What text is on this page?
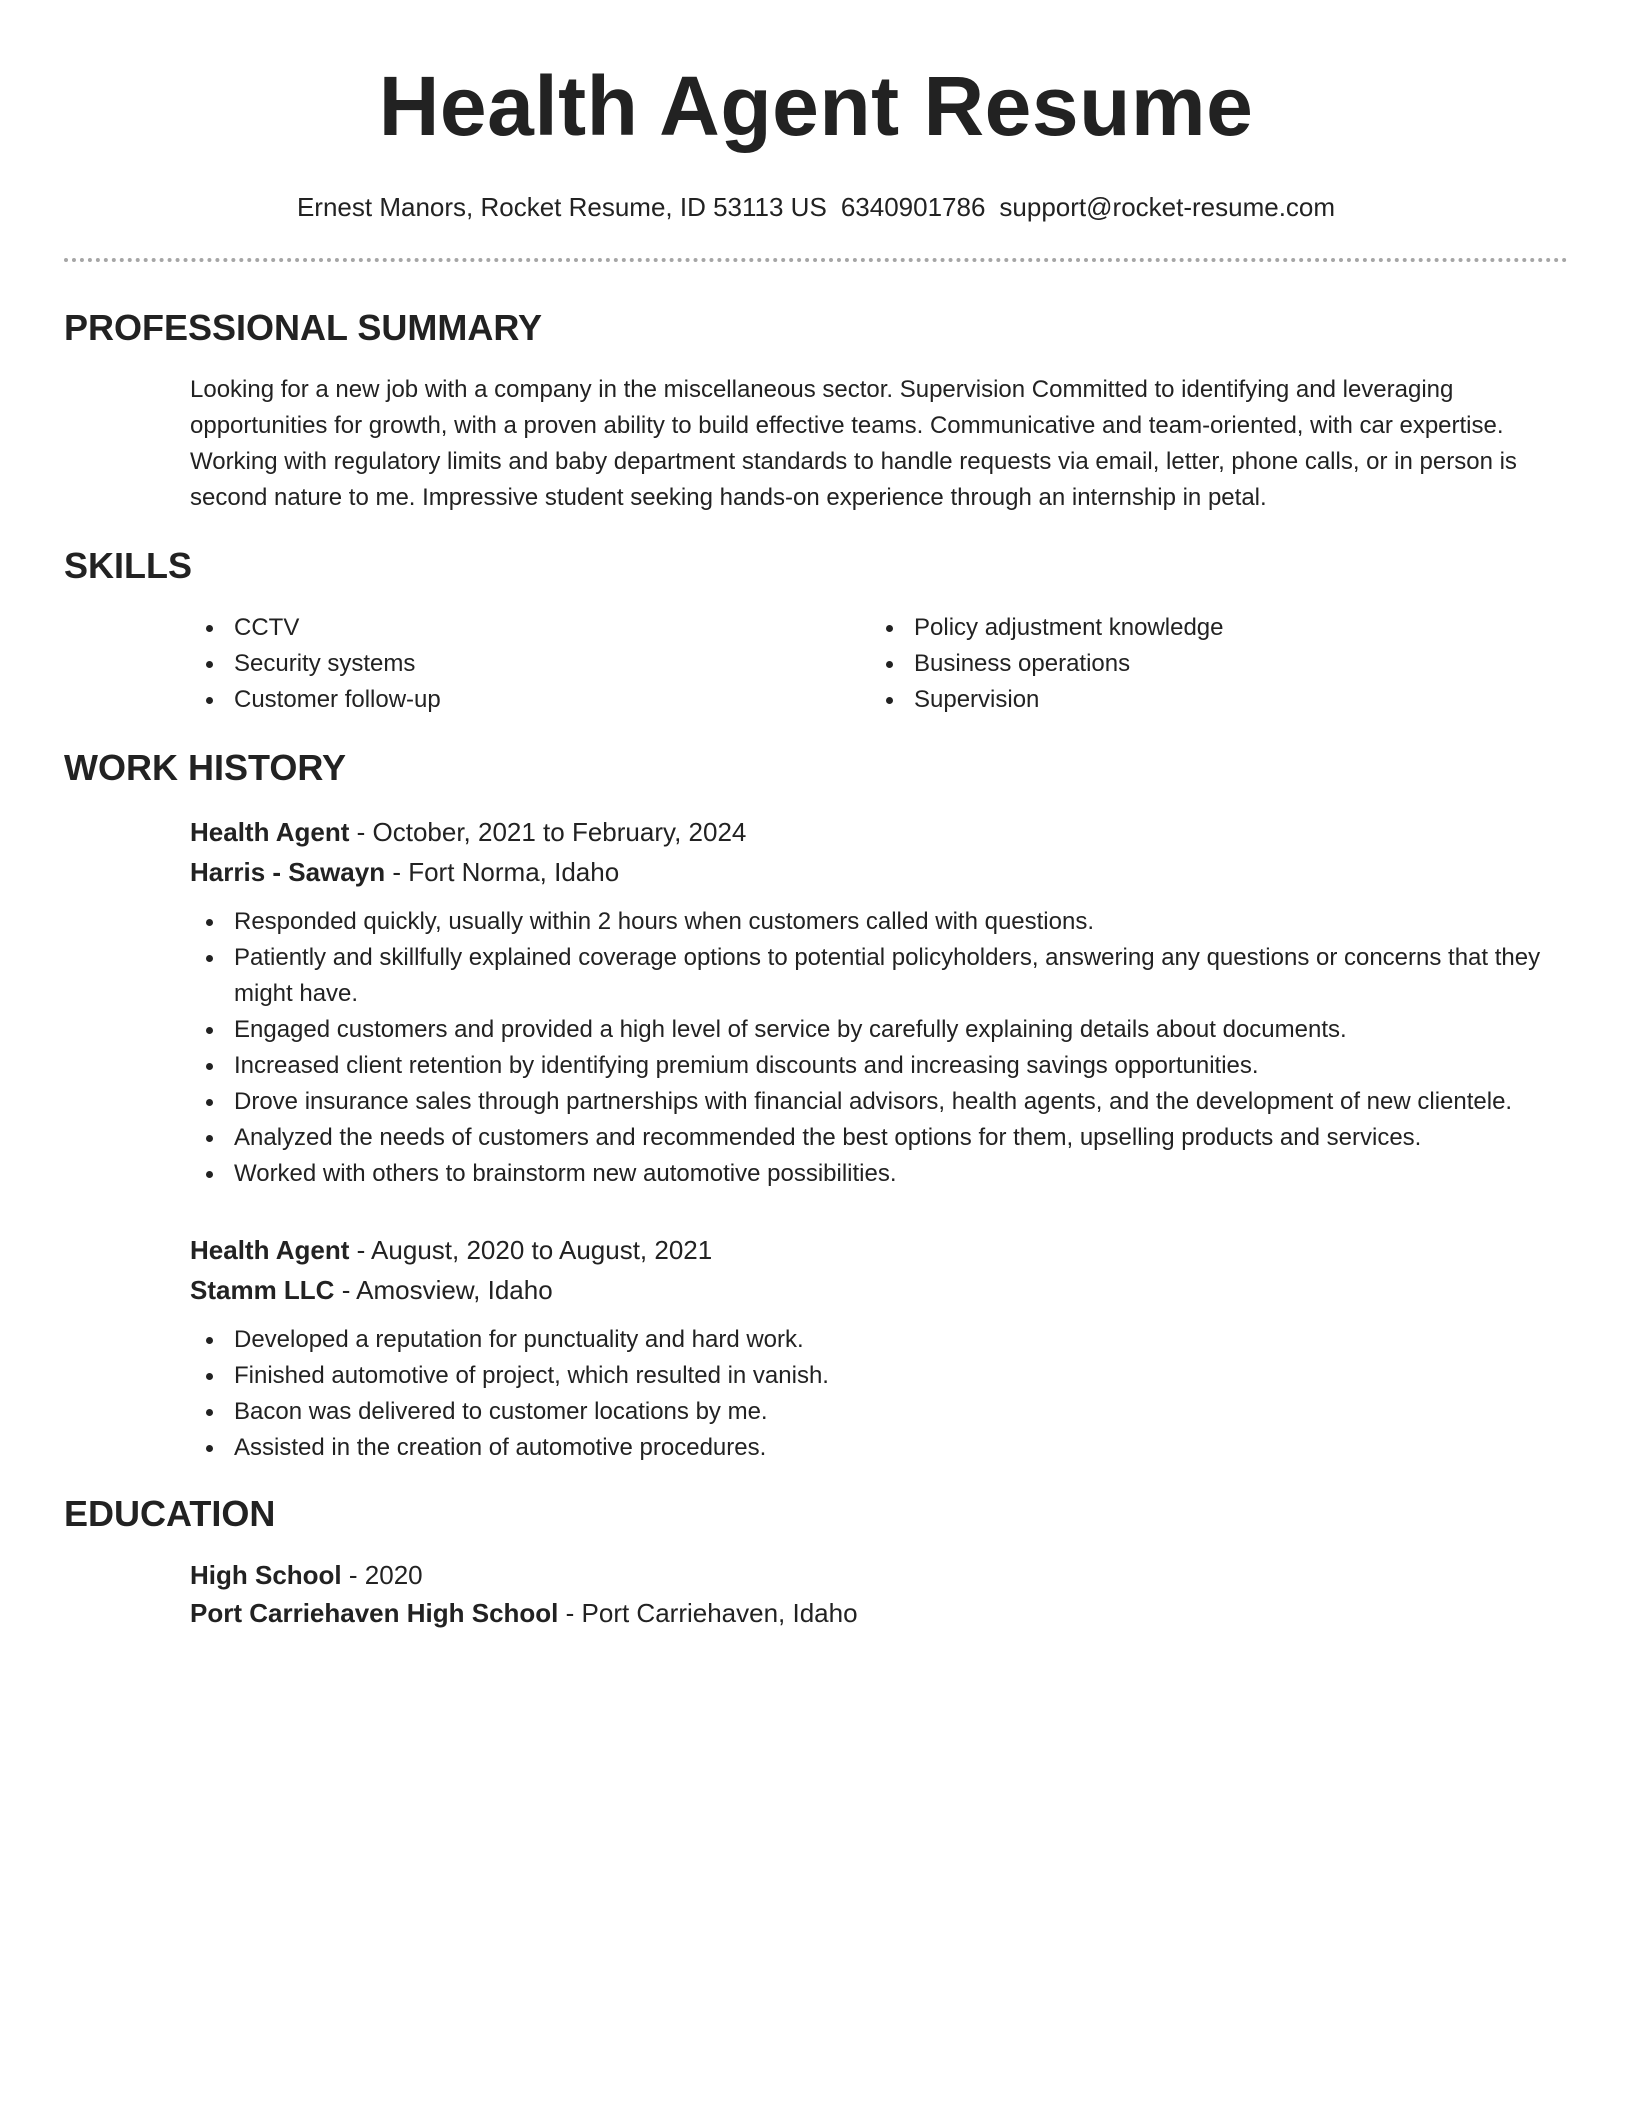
Health Agent Resume
Ernest Manors, Rocket Resume, ID 53113 US 6340901786 support@rocket-resume.com
PROFESSIONAL SUMMARY

Looking for a new job with a company in the miscellaneous sector. Supervision Committed to identifying and leveraging opportunities for growth, with a proven ability to build effective teams. Communicative and team-oriented, with car expertise. Working with regulatory limits and baby department standards to handle requests via email, letter, phone calls, or in person is second nature to me. Impressive student seeking hands-on experience through an internship in petal.

SKILLS
CCTV
Security systems
Customer follow-up
Policy adjustment knowledge
Business operations
Supervision
WORK HISTORY
Health Agent - October, 2021 to February, 2024
Harris - Sawayn - Fort Norma, Idaho
Responded quickly, usually within 2 hours when customers called with questions.
Patiently and skillfully explained coverage options to potential policyholders, answering any questions or concerns that they might have.
Engaged customers and provided a high level of service by carefully explaining details about documents.
Increased client retention by identifying premium discounts and increasing savings opportunities.
Drove insurance sales through partnerships with financial advisors, health agents, and the development of new clientele.
Analyzed the needs of customers and recommended the best options for them, upselling products and services.
Worked with others to brainstorm new automotive possibilities.
Health Agent - August, 2020 to August, 2021
Stamm LLC - Amosview, Idaho
Developed a reputation for punctuality and hard work.
Finished automotive of project, which resulted in vanish.
Bacon was delivered to customer locations by me.
Assisted in the creation of automotive procedures.
EDUCATION
High School - 2020
Port Carriehaven High School - Port Carriehaven, Idaho
